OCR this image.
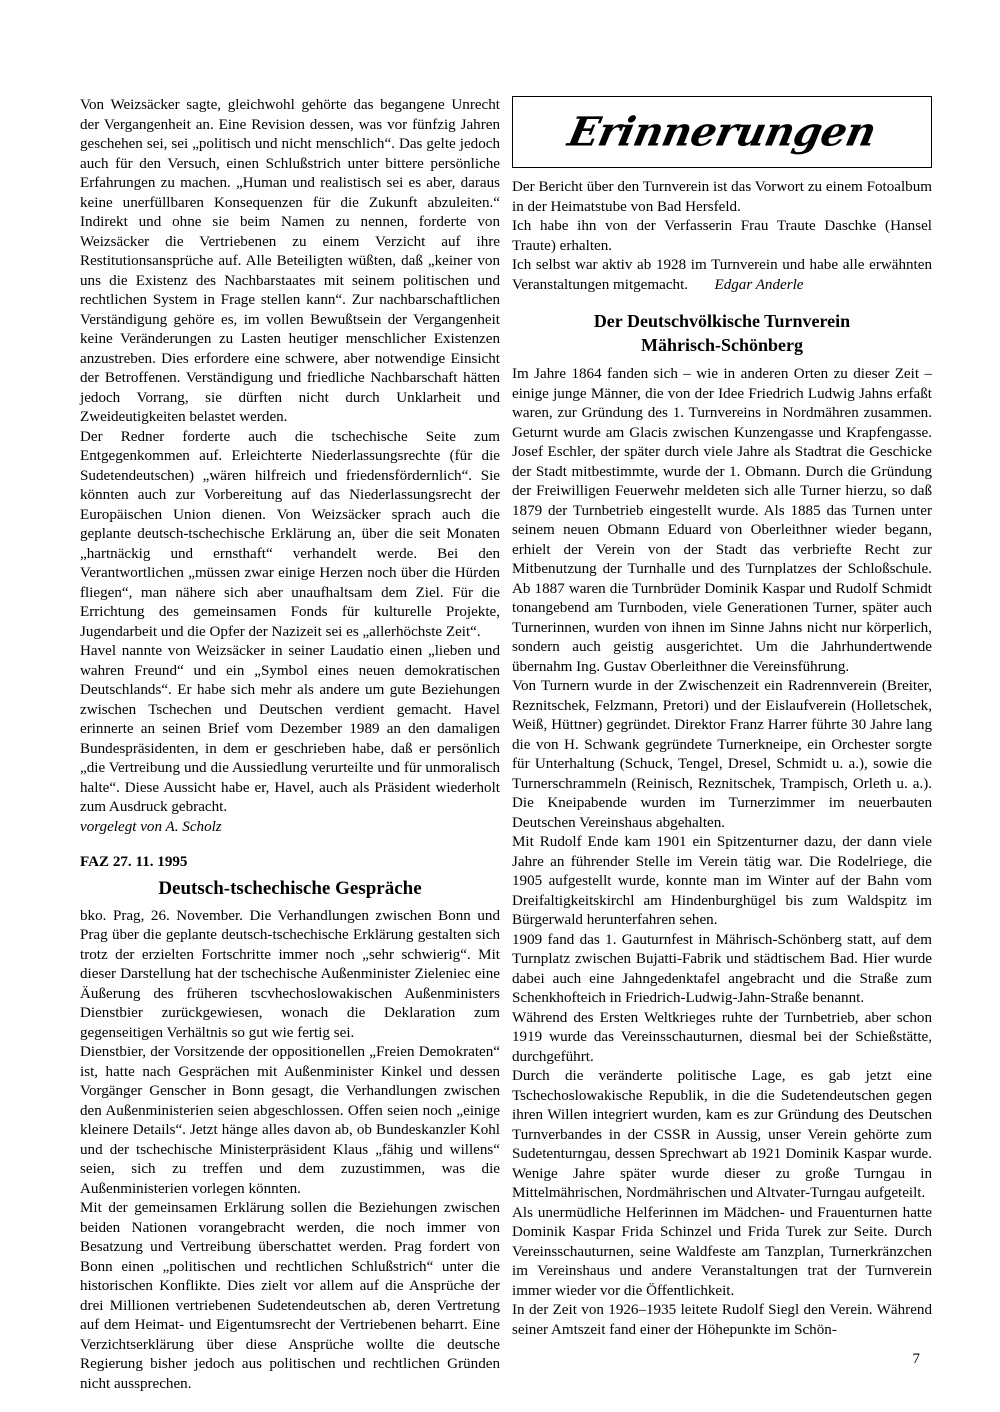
Von Weizsäcker sagte, gleichwohl gehörte das begangene Unrecht der Vergangenheit an. Eine Revision dessen, was vor fünfzig Jahren geschehen sei, sei „politisch und nicht menschlich“. Das gelte jedoch auch für den Versuch, einen Schlußstrich unter bittere persönliche Erfahrungen zu machen. „Human und realistisch sei es aber, daraus keine unerfüllbaren Konsequenzen für die Zukunft abzuleiten.“ Indirekt und ohne sie beim Namen zu nennen, forderte von Weizsäcker die Vertriebenen zu einem Verzicht auf ihre Restitutionsansprüche auf. Alle Beteiligten wüßten, daß „keiner von uns die Existenz des Nachbarstaates mit seinem politischen und rechtlichen System in Frage stellen kann“. Zur nachbarschaftlichen Verständigung gehöre es, im vollen Bewußtsein der Vergangenheit keine Veränderungen zu Lasten heutiger menschlicher Existenzen anzustreben. Dies erfordere eine schwere, aber notwendige Einsicht der Betroffenen. Verständigung und friedliche Nachbarschaft hätten jedoch Vorrang, sie dürften nicht durch Unklarheit und Zweideutigkeiten belastet werden.

Der Redner forderte auch die tschechische Seite zum Entgegenkommen auf. Erleichterte Niederlassungsrechte (für die Sudetendeutschen) „wären hilfreich und friedensfördernlich“. Sie könnten auch zur Vorbereitung auf das Niederlassungsrecht der Europäischen Union dienen. Von Weizsäcker sprach auch die geplante deutsch-tschechische Erklärung an, über die seit Monaten „hartnäckig und ernsthaft“ verhandelt werde. Bei den Verantwortlichen „müssen zwar einige Herzen noch über die Hürden fliegen“, man nähere sich aber unaufhaltsam dem Ziel. Für die Errichtung des gemeinsamen Fonds für kulturelle Projekte, Jugendarbeit und die Opfer der Nazizeit sei es „allerhöchste Zeit“.

Havel nannte von Weizsäcker in seiner Laudatio einen „lieben und wahren Freund“ und ein „Symbol eines neuen demokratischen Deutschlands“. Er habe sich mehr als andere um gute Beziehungen zwischen Tschechen und Deutschen verdient gemacht. Havel erinnerte an seinen Brief vom Dezember 1989 an den damaligen Bundespräsidenten, in dem er geschrieben habe, daß er persönlich „die Vertreibung und die Aussiedlung verurteilte und für unmoralisch halte“. Diese Aussicht habe er, Havel, auch als Präsident wiederholt zum Ausdruck gebracht.

vorgelegt von A. Scholz

FAZ 27. 11. 1995
Deutsch-tschechische Gespräche

bko. Prag, 26. November. Die Verhandlungen zwischen Bonn und Prag über die geplante deutsch-tschechische Erklärung gestalten sich trotz der erzielten Fortschritte immer noch „sehr schwierig“. Mit dieser Darstellung hat der tschechische Außenminister Zieleniec eine Äußerung des früheren tscvhechoslowakischen Außenministers Dienstbier zurückgewiesen, wonach die Deklaration zum gegenseitigen Verhältnis so gut wie fertig sei.

Dienstbier, der Vorsitzende der oppositionellen „Freien Demokraten“ ist, hatte nach Gesprächen mit Außenminister Kinkel und dessen Vorgänger Genscher in Bonn gesagt, die Verhandlungen zwischen den Außenministerien seien abgeschlossen. Offen seien noch „einige kleinere Details“. Jetzt hänge alles davon ab, ob Bundeskanzler Kohl und der tschechische Ministerpräsident Klaus „fähig und willens“ seien, sich zu treffen und dem zuzustimmen, was die Außenministerien vorlegen könnten.

Mit der gemeinsamen Erklärung sollen die Beziehungen zwischen beiden Nationen vorangebracht werden, die noch immer von Besatzung und Vertreibung überschattet werden. Prag fordert von Bonn einen „politischen und rechtlichen Schlußstrich“ unter die historischen Konflikte. Dies zielt vor allem auf die Ansprüche der drei Millionen vertriebenen Sudetendeutschen ab, deren Vertretung auf dem Heimat- und Eigentumsrecht der Vertriebenen beharrt. Eine Verzichtserklärung über diese Ansprüche wollte die deutsche Regierung bisher jedoch aus politischen und rechtlichen Gründen nicht aussprechen.

Erinnerungen

Der Bericht über den Turnverein ist das Vorwort zu einem Fotoalbum in der Heimatstube von Bad Hersfeld.

Ich habe ihn von der Verfasserin Frau Traute Daschke (Hansel Traute) erhalten.

Ich selbst war aktiv ab 1928 im Turnverein und habe alle erwähnten Veranstaltungen mitgemacht. Edgar Anderle

Der Deutschvölkische Turnverein
Mährisch-Schönberg

Im Jahre 1864 fanden sich – wie in anderen Orten zu dieser Zeit – einige junge Männer, die von der Idee Friedrich Ludwig Jahns erfaßt waren, zur Gründung des 1. Turnvereins in Nordmähren zusammen. Geturnt wurde am Glacis zwischen Kunzengasse und Krapfengasse. Josef Eschler, der später durch viele Jahre als Stadtrat die Geschicke der Stadt mitbestimmte, wurde der 1. Obmann. Durch die Gründung der Freiwilligen Feuerwehr meldeten sich alle Turner hierzu, so daß 1879 der Turnbetrieb eingestellt wurde. Als 1885 das Turnen unter seinem neuen Obmann Eduard von Oberleithner wieder begann, erhielt der Verein von der Stadt das verbriefte Recht zur Mitbenutzung der Turnhalle und des Turnplatzes der Schloßschule. Ab 1887 waren die Turnbrüder Dominik Kaspar und Rudolf Schmidt tonangebend am Turnboden, viele Generationen Turner, später auch Turnerinnen, wurden von ihnen im Sinne Jahns nicht nur körperlich, sondern auch geistig ausgerichtet. Um die Jahrhundertwende übernahm Ing. Gustav Oberleithner die Vereinsführung.

Von Turnern wurde in der Zwischenzeit ein Radrennverein (Breiter, Reznitschek, Felzmann, Pretori) und der Eislaufverein (Holletschek, Weiß, Hüttner) gegründet. Direktor Franz Harrer führte 30 Jahre lang die von H. Schwank gegründete Turnerkneipe, ein Orchester sorgte für Unterhaltung (Schuck, Tengel, Dresel, Schmidt u. a.), sowie die Turnerschrammeln (Reinisch, Reznitschek, Trampisch, Orleth u. a.). Die Kneipabende wurden im Turnerzimmer im neuerbauten Deutschen Vereinshaus abgehalten.

Mit Rudolf Ende kam 1901 ein Spitzenturner dazu, der dann viele Jahre an führender Stelle im Verein tätig war. Die Rodelriege, die 1905 aufgestellt wurde, konnte man im Winter auf der Bahn vom Dreifaltigkeitskirchl am Hindenburghügel bis zum Waldspitz im Bürgerwald herunterfahren sehen.

1909 fand das 1. Gauturnfest in Mährisch-Schönberg statt, auf dem Turnplatz zwischen Bujatti-Fabrik und städtischem Bad. Hier wurde dabei auch eine Jahngedenktafel angebracht und die Straße zum Schenkhofteich in Friedrich-Ludwig-Jahn-Straße benannt.

Während des Ersten Weltkrieges ruhte der Turnbetrieb, aber schon 1919 wurde das Vereinsschauturnen, diesmal bei der Schießstätte, durchgeführt.

Durch die veränderte politische Lage, es gab jetzt eine Tschechoslowakische Republik, in die die Sudetendeutschen gegen ihren Willen integriert wurden, kam es zur Gründung des Deutschen Turnverbandes in der CSSR in Aussig, unser Verein gehörte zum Sudetenturngau, dessen Sprechwart ab 1921 Dominik Kaspar wurde. Wenige Jahre später wurde dieser zu große Turngau in Mittelmährischen, Nordmährischen und Altvater-Turngau aufgeteilt.

Als unermüdliche Helferinnen im Mädchen- und Frauenturnen hatte Dominik Kaspar Frida Schinzel und Frida Turek zur Seite. Durch Vereinsschauturnen, seine Waldfeste am Tanzplan, Turnerkränzchen im Vereinshaus und andere Veranstaltungen trat der Turnverein immer wieder vor die Öffentlichkeit.

In der Zeit von 1926–1935 leitete Rudolf Siegl den Verein. Während seiner Amtszeit fand einer der Höhepunkte im Schön-

7
